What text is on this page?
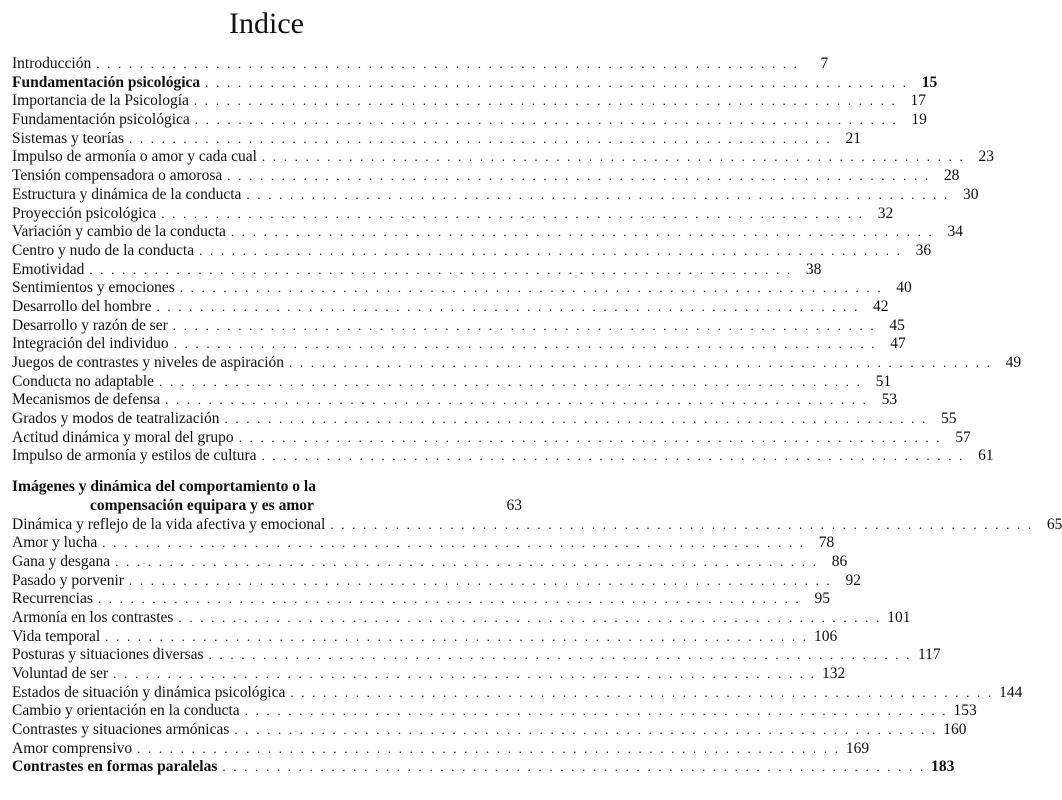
Indice
Introducción . . . . . . . . . . . . . . . . . . . . . . . . . . . . . . . . . . . . . . . . . . . . . . . . . . . . . . . . . . . . . . . . .	7
Fundamentación psicológica . . . . . . . . . . . . . . . . . . . . . . . . . . . . . . . . . . . . . . . . . . . . . . . . . . . . . . . . . . . . . . . . . 15
Importancia de la Psicología . . . . . . . . . . . . . . . . . . . . . . . . . . . . . . . . . . . . . . . . . . . . . . . . . . . . . . . . . . . . . . . . . 17
Fundamentación psicológica . . . . . . . . . . . . . . . . . . . . . . . . . . . . . . . . . . . . . . . . . . . . . . . . . . . . . . . . . . . . . . . . . 19
Sistemas y teorías . . . . . . . . . . . . . . . . . . . . . . . . . . . . . . . . . . . . . . . . . . . . . . . . . . . . . . . . . . . . . . . . . 21
Impulso de armonía o amor y cada cual . . . . . . . . . . . . . . . . . . . . . . . . . . . . . . . . . . . . . . . . . . . . . . . . . . . . . . . . . . . . . . . . . 23
Tensión compensadora o amorosa . . . . . . . . . . . . . . . . . . . . . . . . . . . . . . . . . . . . . . . . . . . . . . . . . . . . . . . . . . . . . . . . . 28
Estructura y dinámica de la conducta . . . . . . . . . . . . . . . . . . . . . . . . . . . . . . . . . . . . . . . . . . . . . . . . . . . . . . . . . . . . . . . . . 30
Proyección psicológica . . . . . . . . . . . . . . . . . . . . . . . . . . . . . . . . . . . . . . . . . . . . . . . . . . . . . . . . . . . . . . . . . 32
Variación y cambio de la conducta . . . . . . . . . . . . . . . . . . . . . . . . . . . . . . . . . . . . . . . . . . . . . . . . . . . . . . . . . . . . . . . . . 34
Centro y nudo de la conducta . . . . . . . . . . . . . . . . . . . . . . . . . . . . . . . . . . . . . . . . . . . . . . . . . . . . . . . . . . . . . . . . . 36
Emotividad . . . . . . . . . . . . . . . . . . . . . . . . . . . . . . . . . . . . . . . . . . . . . . . . . . . . . . . . . . . . . . . . . 38
Sentimientos y emociones . . . . . . . . . . . . . . . . . . . . . . . . . . . . . . . . . . . . . . . . . . . . . . . . . . . . . . . . . . . . . . . . . 40
Desarrollo del hombre . . . . . . . . . . . . . . . . . . . . . . . . . . . . . . . . . . . . . . . . . . . . . . . . . . . . . . . . . . . . . . . . . 42
Desarrollo y razón de ser . . . . . . . . . . . . . . . . . . . . . . . . . . . . . . . . . . . . . . . . . . . . . . . . . . . . . . . . . . . . . . . . . 45
Integración del individuo . . . . . . . . . . . . . . . . . . . . . . . . . . . . . . . . . . . . . . . . . . . . . . . . . . . . . . . . . . . . . . . . . 47
Juegos de contrastes y niveles de aspiración . . . . . . . . . . . . . . . . . . . . . . . . . . . . . . . . . . . . . . . . . . . . . . . . . . . . . . . . . . . . . . . . . 49
Conducta no adaptable . . . . . . . . . . . . . . . . . . . . . . . . . . . . . . . . . . . . . . . . . . . . . . . . . . . . . . . . . . . . . . . . . 51
Mecanismos de defensa . . . . . . . . . . . . . . . . . . . . . . . . . . . . . . . . . . . . . . . . . . . . . . . . . . . . . . . . . . . . . . . . . 53
Grados y modos de teatralización . . . . . . . . . . . . . . . . . . . . . . . . . . . . . . . . . . . . . . . . . . . . . . . . . . . . . . . . . . . . . . . . . 55
Actitud dinámica y moral del grupo . . . . . . . . . . . . . . . . . . . . . . . . . . . . . . . . . . . . . . . . . . . . . . . . . . . . . . . . . . . . . . . . . 57
Impulso de armonía y estilos de cultura . . . . . . . . . . . . . . . . . . . . . . . . . . . . . . . . . . . . . . . . . . . . . . . . . . . . . . . . . . . . . . . . . 61
Imágenes y dinámica del comportamiento o la
compensación equipara y es amor	63
Dinámica y reflejo de la vida afectiva y emocional . . . . . . . . . . . . . . . . . . . . . . . . . . . . . . . . . . . . . . . . . . . . . . . . . . . . . . . . . . . . . . . . . 65
Amor y lucha . . . . . . . . . . . . . . . . . . . . . . . . . . . . . . . . . . . . . . . . . . . . . . . . . . . . . . . . . . . . . . . . . 78
Gana y desgana . . . . . . . . . . . . . . . . . . . . . . . . . . . . . . . . . . . . . . . . . . . . . . . . . . . . . . . . . . . . . . . . . 86
Pasado y porvenir . . . . . . . . . . . . . . . . . . . . . . . . . . . . . . . . . . . . . . . . . . . . . . . . . . . . . . . . . . . . . . . . . 92
Recurrencias . . . . . . . . . . . . . . . . . . . . . . . . . . . . . . . . . . . . . . . . . . . . . . . . . . . . . . . . . . . . . . . . . 95
Armonía en los contrastes . . . . . . . . . . . . . . . . . . . . . . . . . . . . . . . . . . . . . . . . . . . . . . . . . . . . . . . . . . . . . . . . . 101
Vida temporal . . . . . . . . . . . . . . . . . . . . . . . . . . . . . . . . . . . . . . . . . . . . . . . . . . . . . . . . . . . . . . . . . 106
Posturas y situaciones diversas . . . . . . . . . . . . . . . . . . . . . . . . . . . . . . . . . . . . . . . . . . . . . . . . . . . . . . . . . . . . . . . . . 117
Voluntad de ser . . . . . . . . . . . . . . . . . . . . . . . . . . . . . . . . . . . . . . . . . . . . . . . . . . . . . . . . . . . . . . . . . 132
Estados de situación y dinámica psicológica . . . . . . . . . . . . . . . . . . . . . . . . . . . . . . . . . . . . . . . . . . . . . . . . . . . . . . . . . . . . . . . . . 144
Cambio y orientación en la conducta . . . . . . . . . . . . . . . . . . . . . . . . . . . . . . . . . . . . . . . . . . . . . . . . . . . . . . . . . . . . . . . . . 153
Contrastes y situaciones armónicas . . . . . . . . . . . . . . . . . . . . . . . . . . . . . . . . . . . . . . . . . . . . . . . . . . . . . . . . . . . . . . . . . 160
Amor comprensivo . . . . . . . . . . . . . . . . . . . . . . . . . . . . . . . . . . . . . . . . . . . . . . . . . . . . . . . . . . . . . . . . . 169
Contrastes en formas paralelas . . . . . . . . . . . . . . . . . . . . . . . . . . . . . . . . . . . . . . . . . . . . . . . . . . . . . . . . . . . . . . . . . 183
